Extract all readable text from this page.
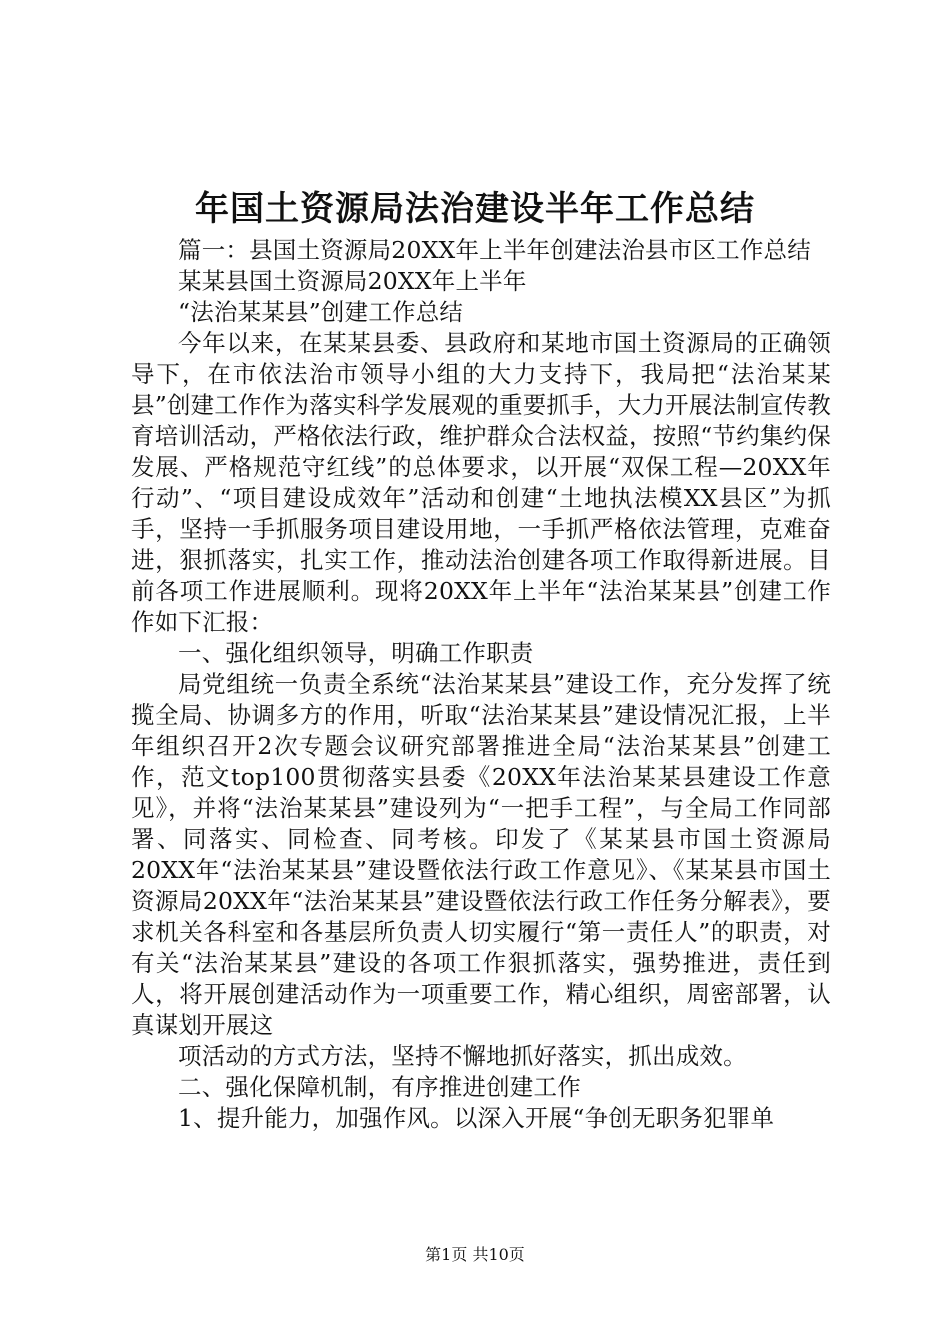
年国土资源局法治建设半年工作总结

篇一：县国土资源局20XX年上半年创建法治县市区工作总结

某某县国土资源局20XX年上半年

“法治某某县”创建工作总结

今年以来，在某某县委、县政府和某地市国土资源局的正确领导下，在市依法治市领导小组的大力支持下，我局把“法治某某县”创建工作作为落实科学发展观的重要抓手，大力开展法制宣传教育培训活动，严格依法行政，维护群众合法权益，按照“节约集约保发展、严格规范守红线”的总体要求，以开展“双保工程—20XX年行动”、“项目建设成效年”活动和创建“土地执法模XX县区”为抓手，坚持一手抓服务项目建设用地，一手抓严格依法管理，克难奋进，狠抓落实，扎实工作，推动法治创建各项工作取得新进展。目前各项工作进展顺利。现将20XX年上半年“法治某某县”创建工作作如下汇报：

一、强化组织领导，明确工作职责

局党组统一负责全系统“法治某某县”建设工作，充分发挥了统揽全局、协调多方的作用，听取“法治某某县”建设情况汇报，上半年组织召开2次专题会议研究部署推进全局“法治某某县”创建工作，范文top100贯彻落实县委《20XX年法治某某县建设工作意见》，并将“法治某某县”建设列为“一把手工程”，与全局工作同部署、同落实、同检查、同考核。印发了《某某县市国土资源局20XX年“法治某某县”建设暨依法行政工作意见》、《某某县市国土资源局20XX年“法治某某县”建设暨依法行政工作任务分解表》，要求机关各科室和各基层所负责人切实履行“第一责任人”的职责，对有关“法治某某县”建设的各项工作狠抓落实，强势推进，责任到人，将开展创建活动作为一项重要工作，精心组织，周密部署，认真谋划开展这

项活动的方式方法，坚持不懈地抓好落实，抓出成效。

二、强化保障机制，有序推进创建工作

1、提升能力，加强作风。以深入开展“争创无职务犯罪单

第1页 共10页
